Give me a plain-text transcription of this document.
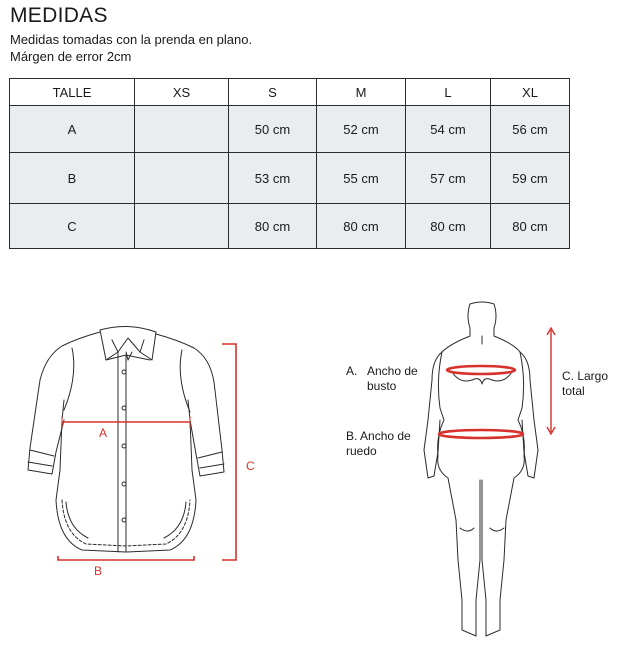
MEDIDAS
Medidas tomadas con la prenda en plano.
Márgen de error 2cm
TALLE	XS	S	M	L	XL
A		50 cm	52 cm	54 cm	56 cm
B		53 cm	55 cm	57 cm	59 cm
C		80 cm	80 cm	80 cm	80 cm
A
B
C
A. Ancho de busto
B. Ancho de ruedo
C. Largo total
